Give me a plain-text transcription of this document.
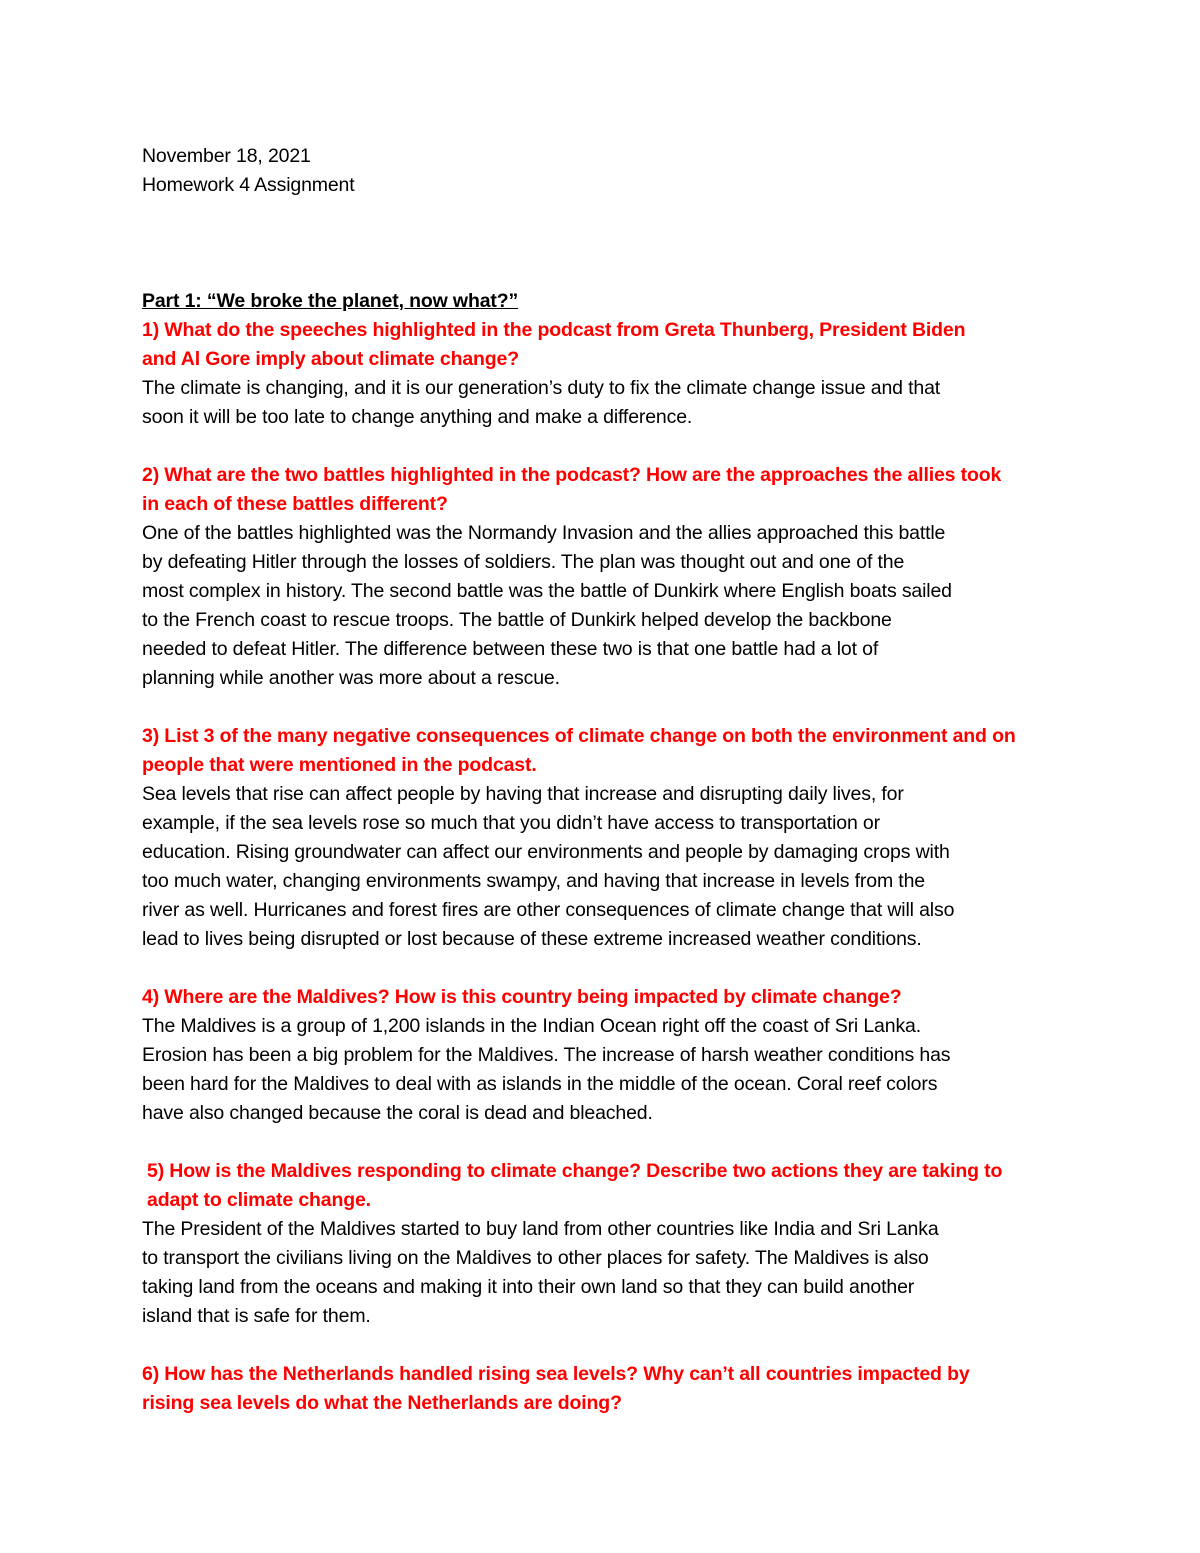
November 18, 2021

Homework 4 Assignment

Part 1: “We broke the planet, now what?”

1) What do the speeches highlighted in the podcast from Greta Thunberg, President Biden
and Al Gore imply about climate change?

The climate is changing, and it is our generation’s duty to fix the climate change issue and that
soon it will be too late to change anything and make a difference.

2) What are the two battles highlighted in the podcast? How are the approaches the allies took
in each of these battles different?

One of the battles highlighted was the Normandy Invasion and the allies approached this battle
by defeating Hitler through the losses of soldiers. The plan was thought out and one of the
most complex in history. The second battle was the battle of Dunkirk where English boats sailed
to the French coast to rescue troops. The battle of Dunkirk helped develop the backbone
needed to defeat Hitler. The difference between these two is that one battle had a lot of
planning while another was more about a rescue.

3) List 3 of the many negative consequences of climate change on both the environment and on
people that were mentioned in the podcast.

Sea levels that rise can affect people by having that increase and disrupting daily lives, for
example, if the sea levels rose so much that you didn’t have access to transportation or
education. Rising groundwater can affect our environments and people by damaging crops with
too much water, changing environments swampy, and having that increase in levels from the
river as well. Hurricanes and forest fires are other consequences of climate change that will also
lead to lives being disrupted or lost because of these extreme increased weather conditions.

4) Where are the Maldives? How is this country being impacted by climate change?

The Maldives is a group of 1,200 islands in the Indian Ocean right off the coast of Sri Lanka.
Erosion has been a big problem for the Maldives. The increase of harsh weather conditions has
been hard for the Maldives to deal with as islands in the middle of the ocean. Coral reef colors
have also changed because the coral is dead and bleached.

5) How is the Maldives responding to climate change? Describe two actions they are taking to
adapt to climate change.

The President of the Maldives started to buy land from other countries like India and Sri Lanka
to transport the civilians living on the Maldives to other places for safety. The Maldives is also
taking land from the oceans and making it into their own land so that they can build another
island that is safe for them.

6) How has the Netherlands handled rising sea levels? Why can’t all countries impacted by
rising sea levels do what the Netherlands are doing?
